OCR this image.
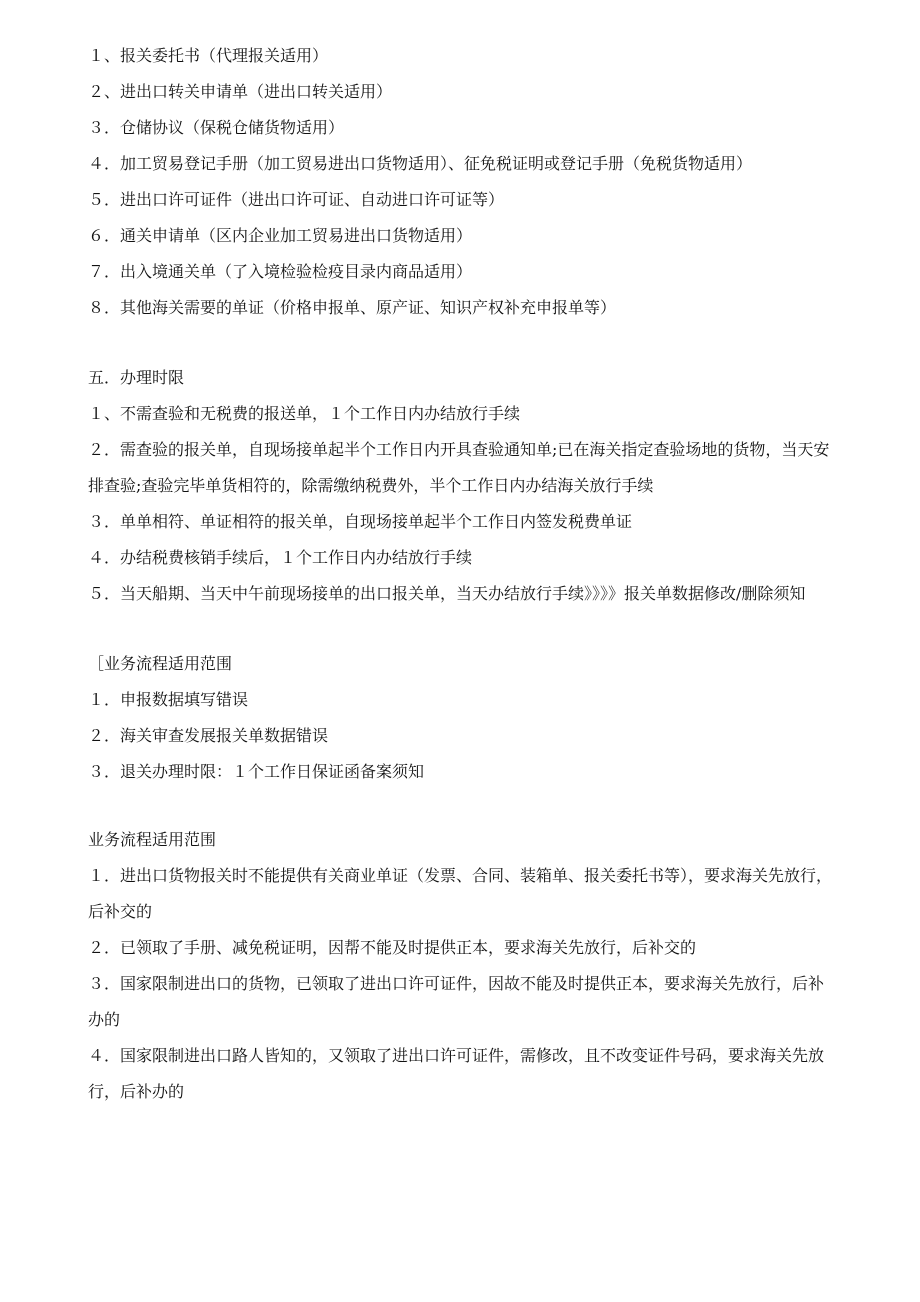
１、报关委托书（代理报关适用）

２、进出口转关申请单（进出口转关适用）

３．仓储协议（保税仓储货物适用）

４．加工贸易登记手册（加工贸易进出口货物适用）、征免税证明或登记手册（免税货物适用）

５．进出口许可证件（进出口许可证、自动进口许可证等）

６．通关申请单（区内企业加工贸易进出口货物适用）

７．出入境通关单（了入境检验检疫目录内商品适用）

８．其他海关需要的单证（价格申报单、原产证、知识产权补充申报单等）

五．办理时限

１、不需查验和无税费的报送单，１个工作日内办结放行手续

２．需查验的报关单，自现场接单起半个工作日内开具查验通知单;已在海关指定查验场地的货物，当天安排查验;查验完毕单货相符的，除需缴纳税费外，半个工作日内办结海关放行手续

３．单单相符、单证相符的报关单，自现场接单起半个工作日内签发税费单证

４．办结税费核销手续后，１个工作日内办结放行手续

５．当天船期、当天中午前现场接单的出口报关单，当天办结放行手续》》》》报关单数据修改/删除须知

［业务流程适用范围

１．申报数据填写错误

２．海关审查发展报关单数据错误

３．退关办理时限：１个工作日保证函备案须知

业务流程适用范围

１．进出口货物报关时不能提供有关商业单证（发票、合同、装箱单、报关委托书等），要求海关先放行，后补交的

２．已领取了手册、减免税证明，因帮不能及时提供正本，要求海关先放行，后补交的

３．国家限制进出口的货物，已领取了进出口许可证件，因故不能及时提供正本，要求海关先放行，后补办的

４．国家限制进出口路人皆知的，又领取了进出口许可证件，需修改，且不改变证件号码，要求海关先放行，后补办的
